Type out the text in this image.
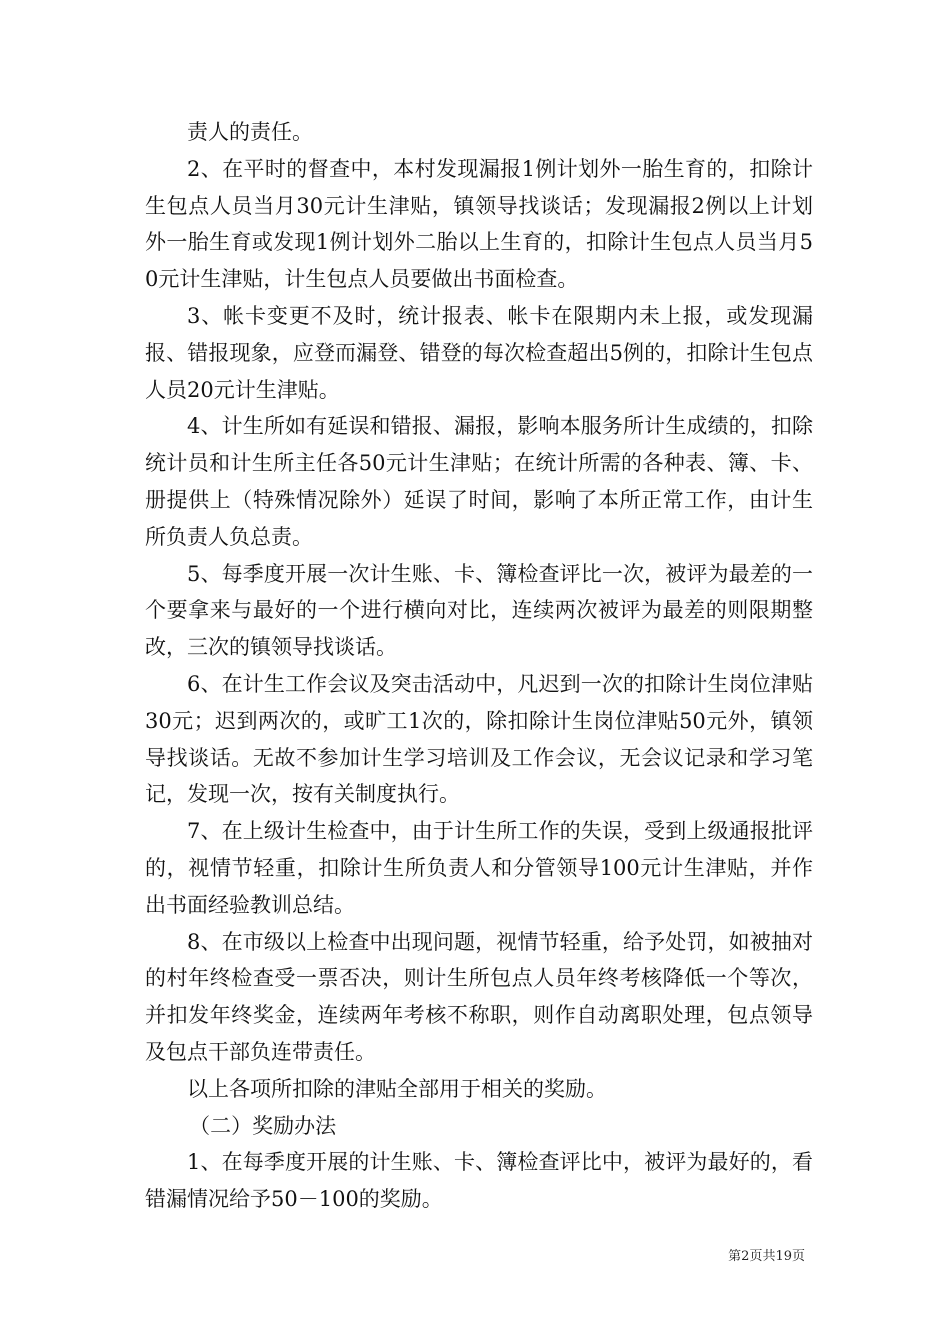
责人的责任。

2、在平时的督查中，本村发现漏报1例计划外一胎生育的，扣除计生包点人员当月30元计生津贴，镇领导找谈话；发现漏报2例以上计划外一胎生育或发现1例计划外二胎以上生育的，扣除计生包点人员当月50元计生津贴，计生包点人员要做出书面检查。

3、帐卡变更不及时，统计报表、帐卡在限期内未上报，或发现漏报、错报现象，应登而漏登、错登的每次检查超出5例的，扣除计生包点人员20元计生津贴。

4、计生所如有延误和错报、漏报，影响本服务所计生成绩的，扣除统计员和计生所主任各50元计生津贴；在统计所需的各种表、簿、卡、册提供上（特殊情况除外）延误了时间，影响了本所正常工作，由计生所负责人负总责。

5、每季度开展一次计生账、卡、簿检查评比一次，被评为最差的一个要拿来与最好的一个进行横向对比，连续两次被评为最差的则限期整改，三次的镇领导找谈话。

6、在计生工作会议及突击活动中，凡迟到一次的扣除计生岗位津贴30元；迟到两次的，或旷工1次的，除扣除计生岗位津贴50元外，镇领导找谈话。无故不参加计生学习培训及工作会议，无会议记录和学习笔记，发现一次，按有关制度执行。

7、在上级计生检查中，由于计生所工作的失误，受到上级通报批评的，视情节轻重，扣除计生所负责人和分管领导100元计生津贴，并作出书面经验教训总结。

8、在市级以上检查中出现问题，视情节轻重，给予处罚，如被抽对的村年终检查受一票否决，则计生所包点人员年终考核降低一个等次，并扣发年终奖金，连续两年考核不称职，则作自动离职处理，包点领导及包点干部负连带责任。

以上各项所扣除的津贴全部用于相关的奖励。

（二）奖励办法

1、在每季度开展的计生账、卡、簿检查评比中，被评为最好的，看错漏情况给予50－100的奖励。

第2页共19页
